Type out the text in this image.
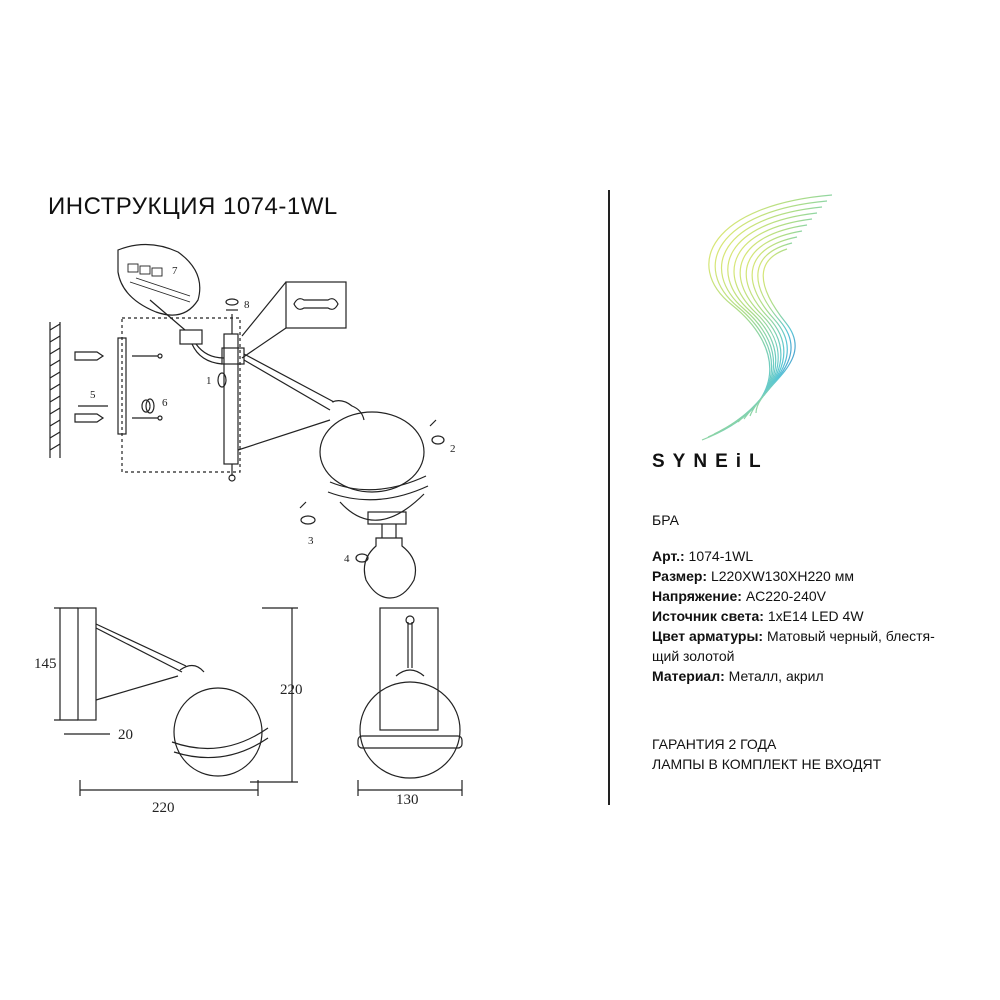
ИНСТРУКЦИЯ 1074-1WL
7
8
1
5
6
2
3
4
145
220
20
220	130
SYNEiL
БРА
Арт.: 1074-1WL
Размер: L220XW130XH220 мм
Напряжение: AC220-240V
Источник света: 1xE14 LED 4W
Цвет арматуры: Матовый черный, блестя-
щий золотой
Материал: Металл, акрил
ГАРАНТИЯ 2 ГОДА
ЛАМПЫ В КОМПЛЕКТ НЕ ВХОДЯТ
